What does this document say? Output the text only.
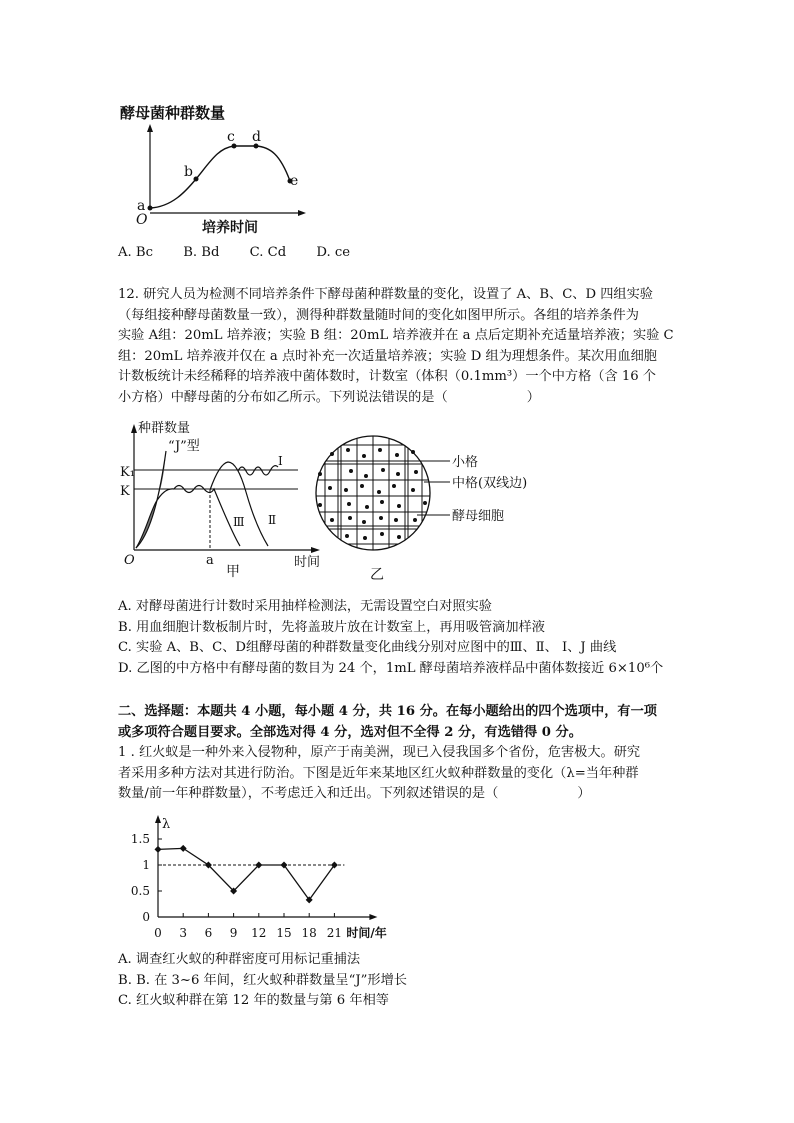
酵母菌种群数量
a
b
c d
e
O	培养时间
A. Bc B. Bd C. Cd D. ce
12. 研究人员为检测不同培养条件下酵母菌种群数量的变化，设置了 A、B、C、D 四组实验
（每组接种酵母菌数量一致），测得种群数量随时间的变化如图甲所示。各组的培养条件为
实验 A组：20mL 培养液；实验 B 组：20mL 培养液并在 a 点后定期补充适量培养液；实验 C
组：20mL 培养液并仅在 a 点时补充一次适量培养液；实验 D 组为理想条件。某次用血细胞
计数板统计未经稀释的培养液中菌体数时，计数室（体积（0.1mm³）一个中方格（含 16 个
小方格）中酵母菌的分布如乙所示。下列说法错误的是（　　　　　　）
种群数量
“J”型
K₁
K
Ⅰ
Ⅱ
Ⅲ
O	a	时间
甲
小格
中格(双线边)
酵母细胞
乙
A. 对酵母菌进行计数时采用抽样检测法，无需设置空白对照实验
B. 用血细胞计数板制片时，先将盖玻片放在计数室上，再用吸管滴加样液
C. 实验 A、B、C、D组酵母菌的种群数量变化曲线分别对应图中的Ⅲ、Ⅱ、 Ⅰ、J 曲线
D. 乙图的中方格中有酵母菌的数目为 24 个，1mL 酵母菌培养液样品中菌体数接近 6×10⁶个
二、选择题：本题共 4 小题，每小题 4 分，共 16 分。在每小题给出的四个选项中，有一项
或多项符合题目要求。全部选对得 4 分，选对但不全得 2 分，有选错得 0 分。
1 . 红火蚁是一种外来入侵物种，原产于南美洲，现已入侵我国多个省份，危害极大。研究
者采用多种方法对其进行防治。下图是近年来某地区红火蚁种群数量的变化（λ=当年种群
数量/前一年种群数量），不考虑迁入和迁出。下列叙述错误的是（　　　　　　）
λ
时间/年
0
0.5
1
1.5
0 3 6 9 12 15 18 21
A. 调查红火蚁的种群密度可用标记重捕法
B. B. 在 3~6 年间，红火蚁种群数量呈“J”形增长
C. 红火蚁种群在第 12 年的数量与第 6 年相等
